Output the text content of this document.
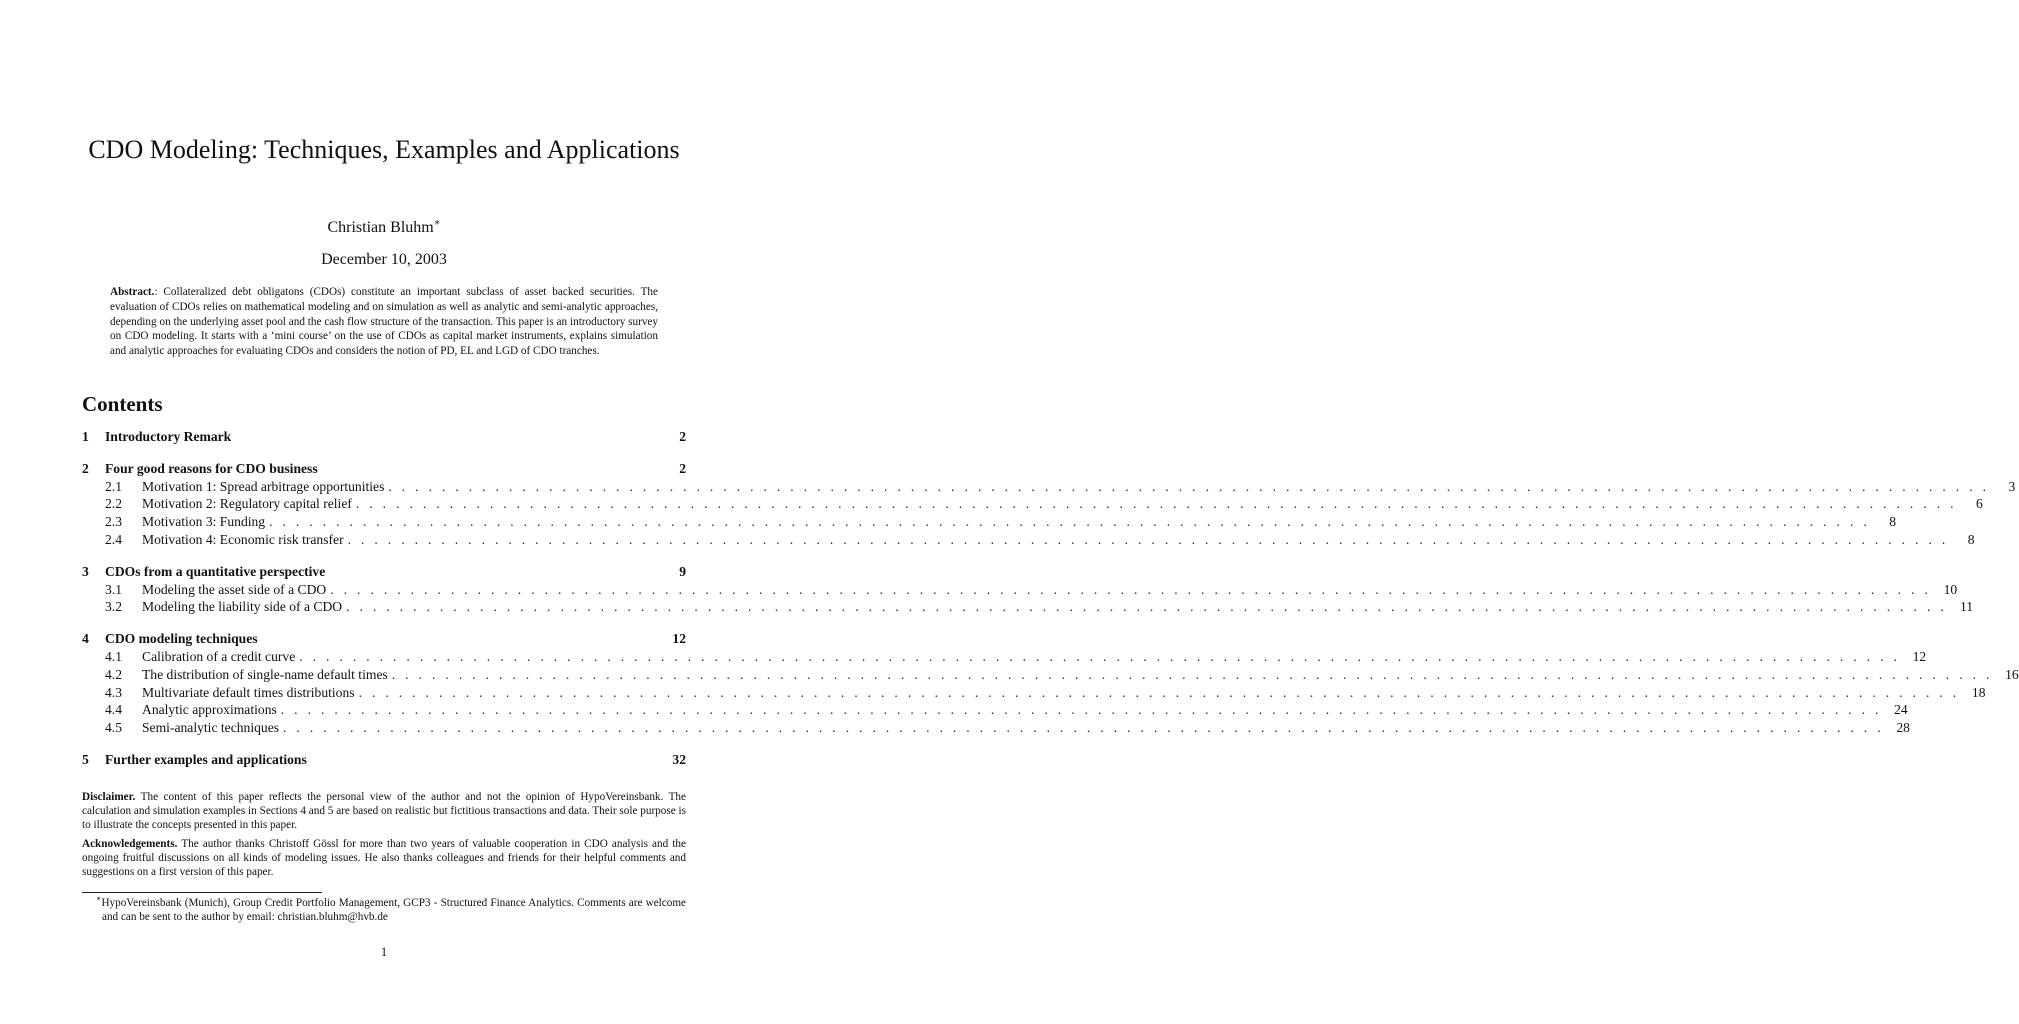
CDO Modeling: Techniques, Examples and Applications
Christian Bluhm∗
December 10, 2003
Abstract.: Collateralized debt obligatons (CDOs) constitute an important subclass of asset backed securities. The evaluation of CDOs relies on mathematical modeling and on simulation as well as analytic and semi-analytic approaches, depending on the underlying asset pool and the cash flow structure of the transaction. This paper is an introductory survey on CDO modeling. It starts with a ‘mini course’ on the use of CDOs as capital market instruments, explains simulation and analytic approaches for evaluating CDOs and considers the notion of PD, EL and LGD of CDO tranches.
Contents
1	Introductory Remark	2
2	Four good reasons for CDO business	2
2.1	Motivation 1: Spread arbitrage opportunities . . . . . . . . . . . . . . . . . . . . . . . . . . . . . . . . . . . . . . . . . . . . . . . . . . . . . . . . . . . . . . . . . . . . . . . . . . . . . . . . . . . . . . . . . . . . . . . . . . . . . . . . . . . . . . . . . . . . . . . .	3
2.2	Motivation 2: Regulatory capital relief . . . . . . . . . . . . . . . . . . . . . . . . . . . . . . . . . . . . . . . . . . . . . . . . . . . . . . . . . . . . . . . . . . . . . . . . . . . . . . . . . . . . . . . . . . . . . . . . . . . . . . . . . . . . . . . . . . . . . . . .	6
2.3	Motivation 3: Funding . . . . . . . . . . . . . . . . . . . . . . . . . . . . . . . . . . . . . . . . . . . . . . . . . . . . . . . . . . . . . . . . . . . . . . . . . . . . . . . . . . . . . . . . . . . . . . . . . . . . . . . . . . . . . . . . . . . . . . . .	8
2.4	Motivation 4: Economic risk transfer . . . . . . . . . . . . . . . . . . . . . . . . . . . . . . . . . . . . . . . . . . . . . . . . . . . . . . . . . . . . . . . . . . . . . . . . . . . . . . . . . . . . . . . . . . . . . . . . . . . . . . . . . . . . . . . . . . . . . . . .	8
3	CDOs from a quantitative perspective	9
3.1	Modeling the asset side of a CDO . . . . . . . . . . . . . . . . . . . . . . . . . . . . . . . . . . . . . . . . . . . . . . . . . . . . . . . . . . . . . . . . . . . . . . . . . . . . . . . . . . . . . . . . . . . . . . . . . . . . . . . . . . . . . . . . . . . . . . . . 10
3.2	Modeling the liability side of a CDO . . . . . . . . . . . . . . . . . . . . . . . . . . . . . . . . . . . . . . . . . . . . . . . . . . . . . . . . . . . . . . . . . . . . . . . . . . . . . . . . . . . . . . . . . . . . . . . . . . . . . . . . . . . . . . . . . . . . . . . . 11
4	CDO modeling techniques	12
4.1	Calibration of a credit curve . . . . . . . . . . . . . . . . . . . . . . . . . . . . . . . . . . . . . . . . . . . . . . . . . . . . . . . . . . . . . . . . . . . . . . . . . . . . . . . . . . . . . . . . . . . . . . . . . . . . . . . . . . . . . . . . . . . . . . . . 12
4.2	The distribution of single-name default times . . . . . . . . . . . . . . . . . . . . . . . . . . . . . . . . . . . . . . . . . . . . . . . . . . . . . . . . . . . . . . . . . . . . . . . . . . . . . . . . . . . . . . . . . . . . . . . . . . . . . . . . . . . . . . . . . . . . . . . . 16
4.3	Multivariate default times distributions . . . . . . . . . . . . . . . . . . . . . . . . . . . . . . . . . . . . . . . . . . . . . . . . . . . . . . . . . . . . . . . . . . . . . . . . . . . . . . . . . . . . . . . . . . . . . . . . . . . . . . . . . . . . . . . . . . . . . . . . 18
4.4	Analytic approximations . . . . . . . . . . . . . . . . . . . . . . . . . . . . . . . . . . . . . . . . . . . . . . . . . . . . . . . . . . . . . . . . . . . . . . . . . . . . . . . . . . . . . . . . . . . . . . . . . . . . . . . . . . . . . . . . . . . . . . . . 24
4.5	Semi-analytic techniques . . . . . . . . . . . . . . . . . . . . . . . . . . . . . . . . . . . . . . . . . . . . . . . . . . . . . . . . . . . . . . . . . . . . . . . . . . . . . . . . . . . . . . . . . . . . . . . . . . . . . . . . . . . . . . . . . . . . . . . . 28
5	Further examples and applications	32

Disclaimer. The content of this paper reflects the personal view of the author and not the opinion of HypoVereinsbank. The calculation and simulation examples in Sections 4 and 5 are based on realistic but fictitious transactions and data. Their sole purpose is to illustrate the concepts presented in this paper.

Acknowledgements. The author thanks Christoff Gössl for more than two years of valuable cooperation in CDO analysis and the ongoing fruitful discussions on all kinds of modeling issues. He also thanks colleagues and friends for their helpful comments and suggestions on a first version of this paper.

∗HypoVereinsbank (Munich), Group Credit Portfolio Management, GCP3 - Structured Finance Analytics. Comments are welcome and can be sent to the author by email: christian.bluhm@hvb.de
1
